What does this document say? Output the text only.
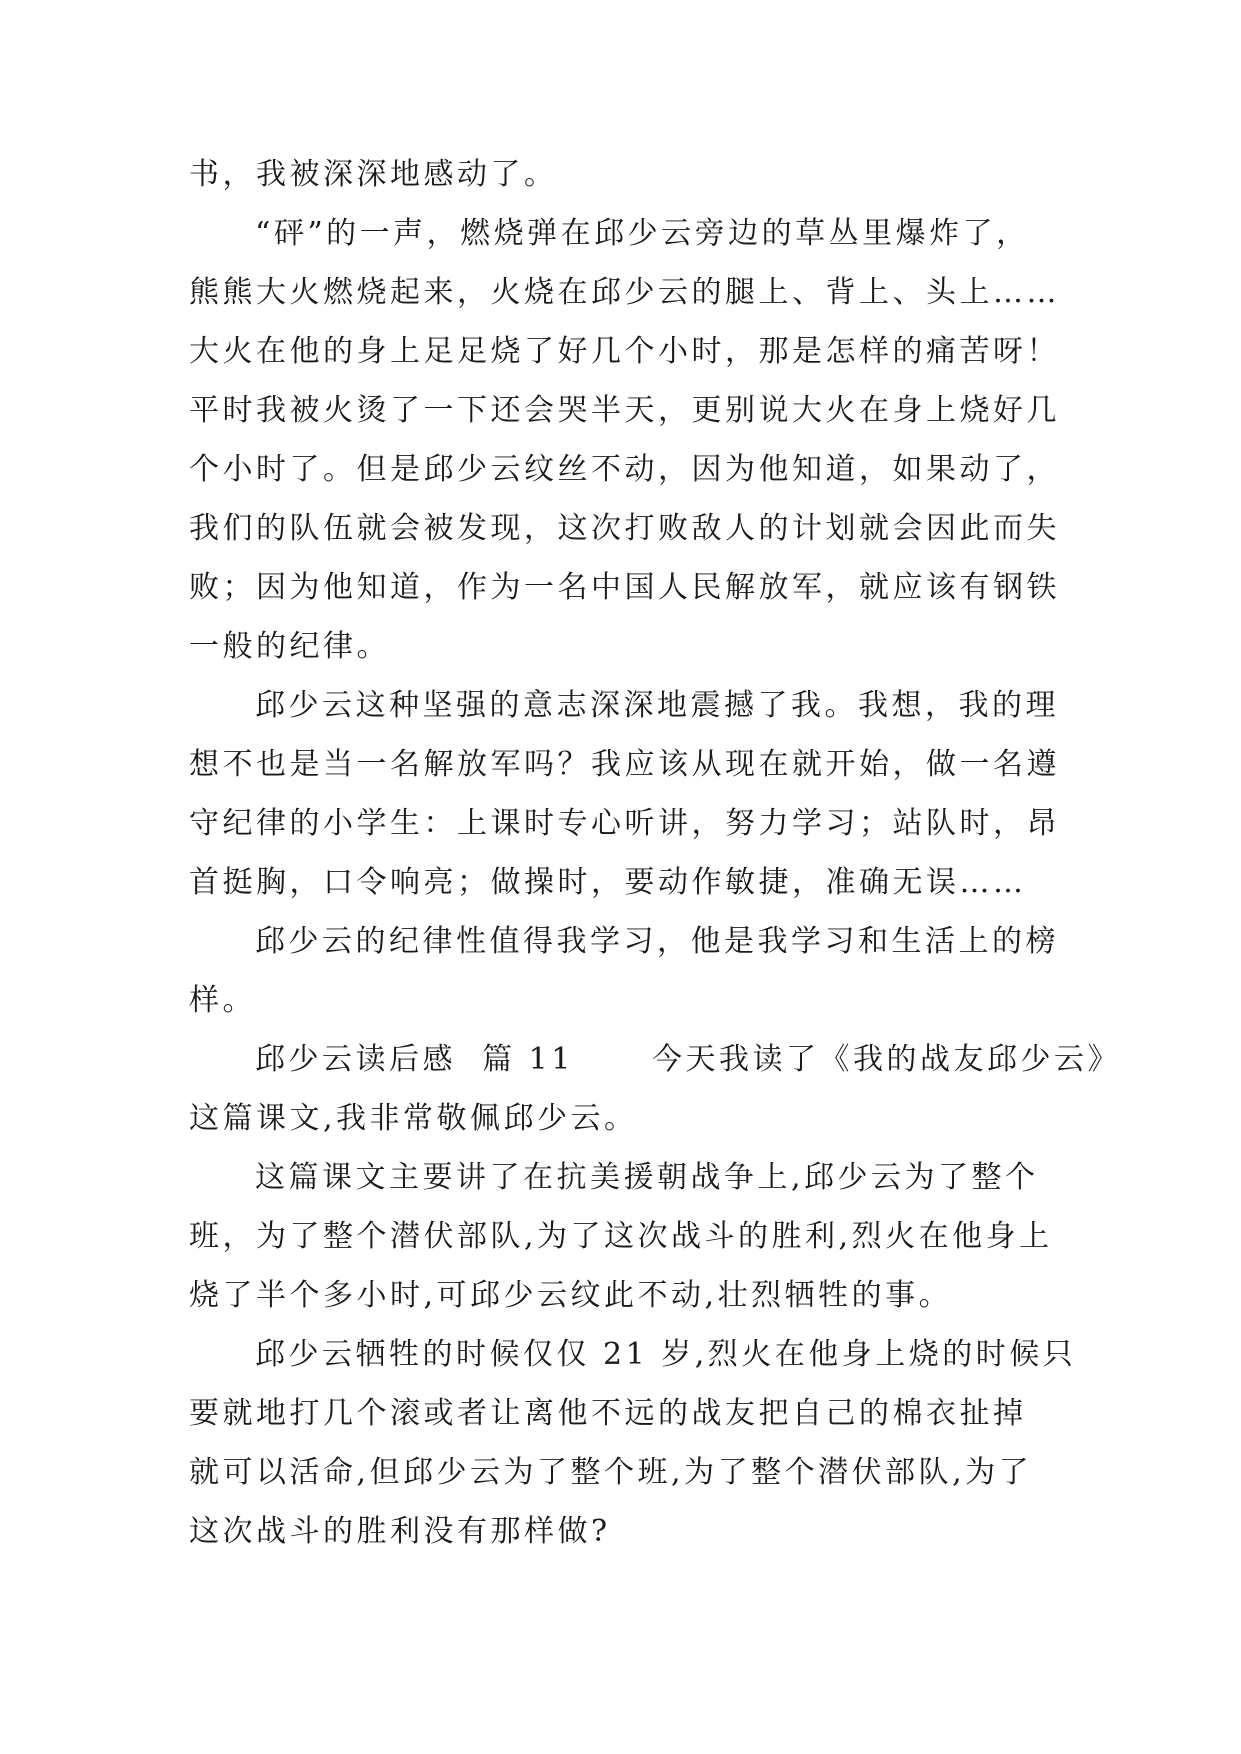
书，我被深深地感动了。
“砰”的一声，燃烧弹在邱少云旁边的草丛里爆炸了，
熊熊大火燃烧起来，火烧在邱少云的腿上、背上、头上……
大火在他的身上足足烧了好几个小时，那是怎样的痛苦呀！
平时我被火烫了一下还会哭半天，更别说大火在身上烧好几
个小时了。但是邱少云纹丝不动，因为他知道，如果动了，
我们的队伍就会被发现，这次打败敌人的计划就会因此而失
败；因为他知道，作为一名中国人民解放军，就应该有钢铁
一般的纪律。
邱少云这种坚强的意志深深地震撼了我。我想，我的理
想不也是当一名解放军吗？我应该从现在就开始，做一名遵
守纪律的小学生：上课时专心听讲，努力学习；站队时，昂
首挺胸，口令响亮；做操时，要动作敏捷，准确无误……
邱少云的纪律性值得我学习，他是我学习和生活上的榜
样。
邱少云读后感  篇 11      今天我读了《我的战友邱少云》
这篇课文,我非常敬佩邱少云。
这篇课文主要讲了在抗美援朝战争上,邱少云为了整个
班，为了整个潜伏部队,为了这次战斗的胜利,烈火在他身上
烧了半个多小时,可邱少云纹此不动,壮烈牺牲的事。
邱少云牺牲的时候仅仅 21 岁,烈火在他身上烧的时候只
要就地打几个滚或者让离他不远的战友把自己的棉衣扯掉
就可以活命,但邱少云为了整个班,为了整个潜伏部队,为了
这次战斗的胜利没有那样做?
